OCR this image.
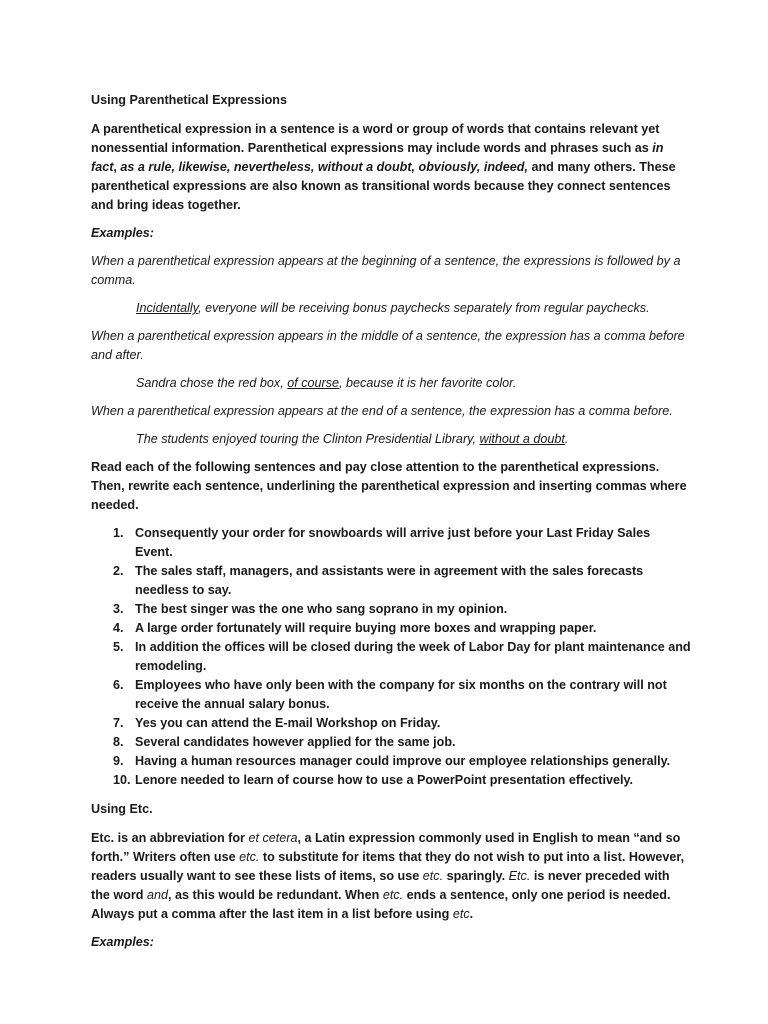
Using Parenthetical Expressions

A parenthetical expression in a sentence is a word or group of words that contains relevant yet nonessential information. Parenthetical expressions may include words and phrases such as in fact, as a rule, likewise, nevertheless, without a doubt, obviously, indeed, and many others. These parenthetical expressions are also known as transitional words because they connect sentences and bring ideas together.

Examples:

When a parenthetical expression appears at the beginning of a sentence, the expressions is followed by a comma.

Incidentally, everyone will be receiving bonus paychecks separately from regular paychecks.

When a parenthetical expression appears in the middle of a sentence, the expression has a comma before and after.

Sandra chose the red box, of course, because it is her favorite color.

When a parenthetical expression appears at the end of a sentence, the expression has a comma before.

The students enjoyed touring the Clinton Presidential Library, without a doubt.

Read each of the following sentences and pay close attention to the parenthetical expressions. Then, rewrite each sentence, underlining the parenthetical expression and inserting commas where needed.

1. Consequently your order for snowboards will arrive just before your Last Friday Sales Event.
2. The sales staff, managers, and assistants were in agreement with the sales forecasts needless to say.
3. The best singer was the one who sang soprano in my opinion.
4. A large order fortunately will require buying more boxes and wrapping paper.
5. In addition the offices will be closed during the week of Labor Day for plant maintenance and remodeling.
6. Employees who have only been with the company for six months on the contrary will not receive the annual salary bonus.
7. Yes you can attend the E-mail Workshop on Friday.
8. Several candidates however applied for the same job.
9. Having a human resources manager could improve our employee relationships generally.
10. Lenore needed to learn of course how to use a PowerPoint presentation effectively.

Using Etc.

Etc. is an abbreviation for et cetera, a Latin expression commonly used in English to mean “and so forth.” Writers often use etc. to substitute for items that they do not wish to put into a list. However, readers usually want to see these lists of items, so use etc. sparingly. Etc. is never preceded with the word and, as this would be redundant. When etc. ends a sentence, only one period is needed. Always put a comma after the last item in a list before using etc.

Examples:
